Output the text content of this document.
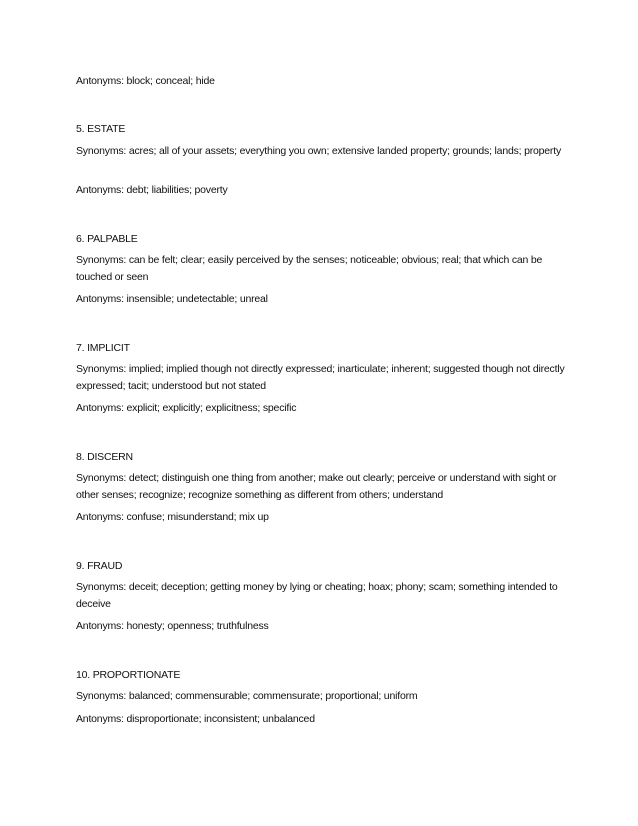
Antonyms: block; conceal; hide
5. ESTATE
Synonyms: acres; all of your assets; everything you own; extensive landed property; grounds; lands; property
Antonyms: debt; liabilities; poverty
6. PALPABLE
Synonyms: can be felt; clear; easily perceived by the senses; noticeable; obvious; real; that which can be touched or seen
Antonyms: insensible; undetectable; unreal
7. IMPLICIT
Synonyms: implied; implied though not directly expressed; inarticulate; inherent; suggested though not directly expressed; tacit; understood but not stated
Antonyms: explicit; explicitly; explicitness; specific
8. DISCERN
Synonyms: detect; distinguish one thing from another; make out clearly; perceive or understand with sight or other senses; recognize; recognize something as different from others; understand
Antonyms: confuse; misunderstand; mix up
9. FRAUD
Synonyms: deceit; deception; getting money by lying or cheating; hoax; phony; scam; something intended to deceive
Antonyms: honesty; openness; truthfulness
10. PROPORTIONATE
Synonyms: balanced; commensurable; commensurate; proportional; uniform
Antonyms: disproportionate; inconsistent; unbalanced
